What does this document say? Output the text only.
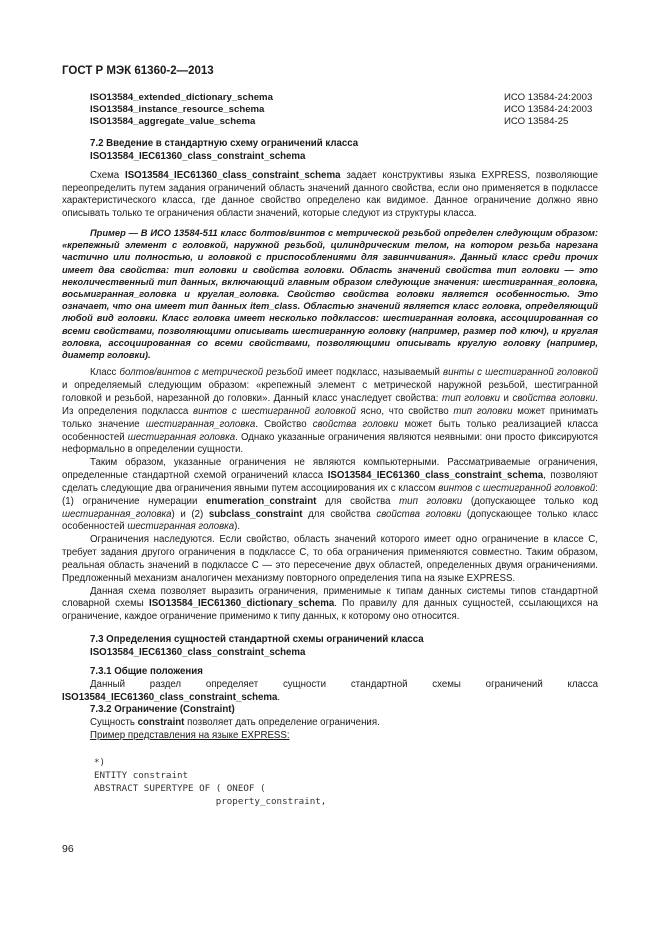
ГОСТ Р МЭК 61360-2—2013
ISO13584_extended_dictionary_schema	ИСО 13584-24:2003
ISO13584_instance_resource_schema	ИСО 13584-24:2003
ISO13584_aggregate_value_schema	ИСО 13584-25

7.2 Введение в стандартную схему ограничений класса

ISO13584_IEC61360_class_constraint_schema

Схема ISO13584_IEC61360_class_constraint_schema задает конструктивы языка EXPRESS, позволяющие переопределить путем задания ограничений область значений данного свойства, если оно применяется в подклассе характеристического класса, где данное свойство определено как видимое. Данное ограничение должно явно описывать только те ограничения области значений, которые следуют из структуры класса.

Пример — В ИСО 13584-511 класс болтов/винтов с метрической резьбой определен следующим образом: «крепежный элемент с головкой, наружной резьбой, цилиндрическим телом, на котором резьба нарезана частично или полностью, и головкой с приспособлениями для завинчивания». Данный класс среди прочих имеет два свойства: тип головки и свойства головки. Область значений свойства тип головки — это неколичественный тип данных, включающий главным образом следующие значения: шестигранная_головка, восьмигранная_головка и круглая_головка. Свойство свойства головки является особенностью. Это означает, что она имеет тип данных item_class. Областью значений является класс головка, определяющий любой вид головки. Класс головка имеет несколько подклассов: шестигранная головка, ассоциированная со всеми свойствами, позволяющими описывать шестигранную головку (например, размер под ключ), и круглая головка, ассоциированная со всеми свойствами, позволяющими описывать круглую головку (например, диаметр головки).

Класс болтов/винтов с метрической резьбой имеет подкласс, называемый винты с шестигранной головкой и определяемый следующим образом: «крепежный элемент с метрической наружной резьбой, шестигранной головкой и резьбой, нарезанной до головки». Данный класс унаследует свойства: тип головки и свойства головки. Из определения подкласса винтов с шестигранной головкой ясно, что свойство тип головки может принимать только значение шестигранная_головка. Свойство свойства головки может быть только реализацией класса особенностей шестигранная головка. Однако указанные ограничения являются неявными: они просто фиксируются неформально в определении сущности.

Таким образом, указанные ограничения не являются компьютерными. Рассматриваемые ограничения, определенные стандартной схемой ограничений класса ISO13584_IEC61360_class_constraint_schema, позволяют сделать следующие два ограничения явными путем ассоциирования их с классом винтов с шестигранной головкой: (1) ограничение нумерации enumeration_constraint для свойства тип головки (допускающее только код шестигранная_головка) и (2) subclass_constraint для свойства свойства головки (допускающее только класс особенностей шестигранная головка).

Ограничения наследуются. Если свойство, область значений которого имеет одно ограничение в классе C, требует задания другого ограничения в подклассе C, то оба ограничения применяются совместно. Таким образом, реальная область значений в подклассе C — это пересечение двух областей, определенных двумя ограничениями. Предложенный механизм аналогичен механизму повторного определения типа на языке EXPRESS.

Данная схема позволяет выразить ограничения, применимые к типам данных системы типов стандартной словарной схемы ISO13584_IEC61360_dictionary_schema. По правилу для данных сущностей, ссылающихся на ограничение, каждое ограничение применимо к типу данных, к которому оно относится.

7.3 Определения сущностей стандартной схемы ограничений класса

ISO13584_IEC61360_class_constraint_schema

7.3.1 Общие положения

Данный раздел определяет сущности стандартной схемы ограничений класса ISO13584_IEC61360_class_constraint_schema.

7.3.2 Ограничение (Constraint)

Сущность constraint позволяет дать определение ограничения.

Пример представления на языке EXPRESS:

*)
ENTITY constraint
ABSTRACT SUPERTYPE OF ( ONEOF (
property_constraint,

96
